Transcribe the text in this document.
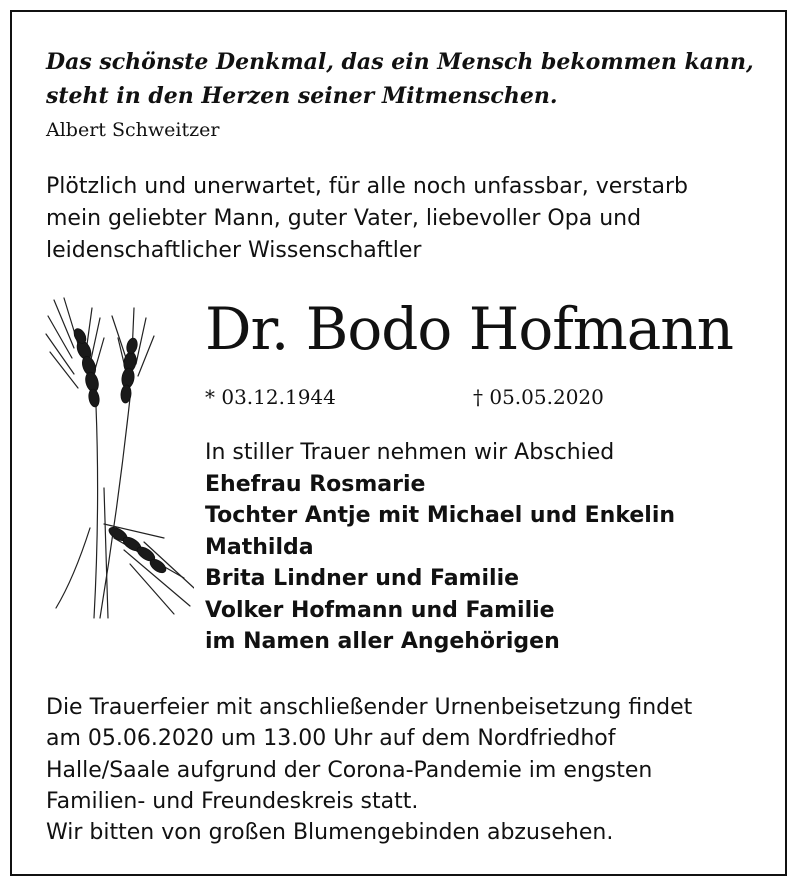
Das schönste Denkmal, das ein Mensch bekommen kann,
steht in den Herzen seiner Mitmenschen.
Albert Schweitzer
Plötzlich und unerwartet, für alle noch unfassbar, verstarb
mein geliebter Mann, guter Vater, liebevoller Opa und
leidenschaftlicher Wissenschaftler
Dr. Bodo Hofmann
* 03.12.1944	† 05.05.2020
In stiller Trauer nehmen wir Abschied
Ehefrau Rosmarie
Tochter Antje mit Michael und Enkelin
Mathilda
Brita Lindner und Familie
Volker Hofmann und Familie
im Namen aller Angehörigen
Die Trauerfeier mit anschließender Urnenbeisetzung findet
am 05.06.2020 um 13.00 Uhr auf dem Nordfriedhof
Halle/Saale aufgrund der Corona-Pandemie im engsten
Familien- und Freundeskreis statt.
Wir bitten von großen Blumengebinden abzusehen.
